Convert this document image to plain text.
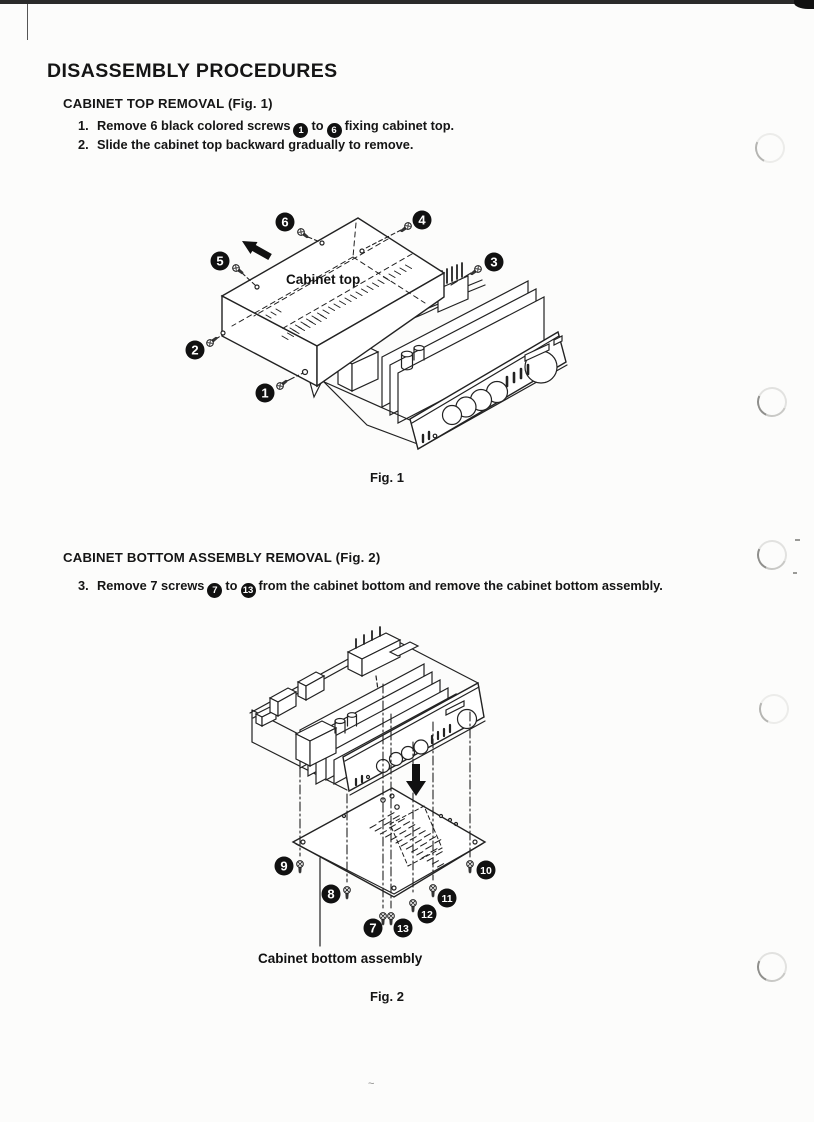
DISASSEMBLY PROCEDURES
CABINET TOP REMOVAL (Fig. 1)
1. Remove 6 black colored screws 1 to 6 fixing cabinet top.
2. Slide the cabinet top backward gradually to remove.
Cabinet top
6	4
5	3
2
1
Fig. 1
CABINET BOTTOM ASSEMBLY REMOVAL (Fig. 2)
3. Remove 7 screws 7 to 13 from the cabinet bottom and remove the cabinet bottom assembly.
9
8
7 13
12
11
10
Cabinet bottom assembly
Fig. 2
~
